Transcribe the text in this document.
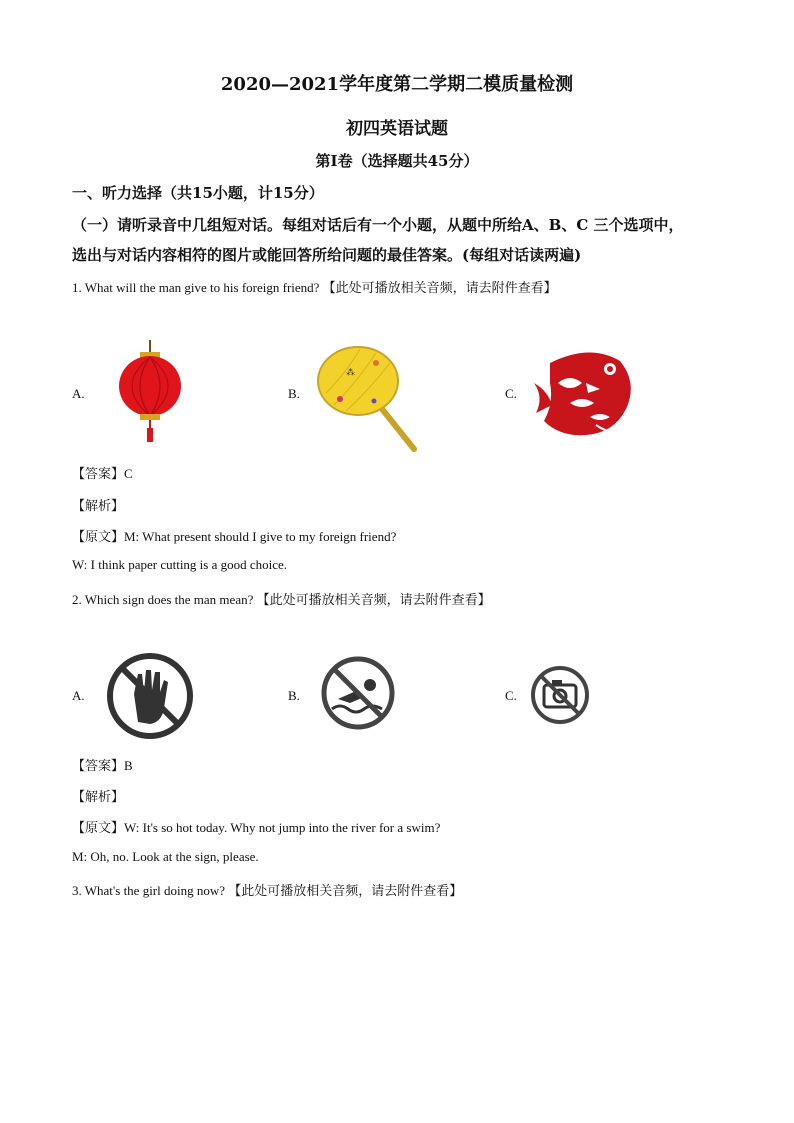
2020—2021学年度第二学期二模质量检测
初四英语试题
第Ⅰ卷（选择题共45分）
一、听力选择（共15小题，计15分）
（一）请听录音中几组短对话。每组对话后有一个小题，从题中所给A、B、C 三个选项中，
选出与对话内容相符的图片或能回答所给问题的最佳答案。(每组对话读两遍)
1. What will the man give to his foreign friend? 【此处可播放相关音频，请去附件查看】
A.	B.	C.
⁂
【答案】C
【解析】
【原文】M: What present should I give to my foreign friend?
W: I think paper cutting is a good choice.
2. Which sign does the man mean? 【此处可播放相关音频，请去附件查看】
A.	B.	C.
【答案】B
【解析】
【原文】W: It's so hot today. Why not jump into the river for a swim?
M: Oh, no. Look at the sign, please.
3. What's the girl doing now? 【此处可播放相关音频，请去附件查看】
